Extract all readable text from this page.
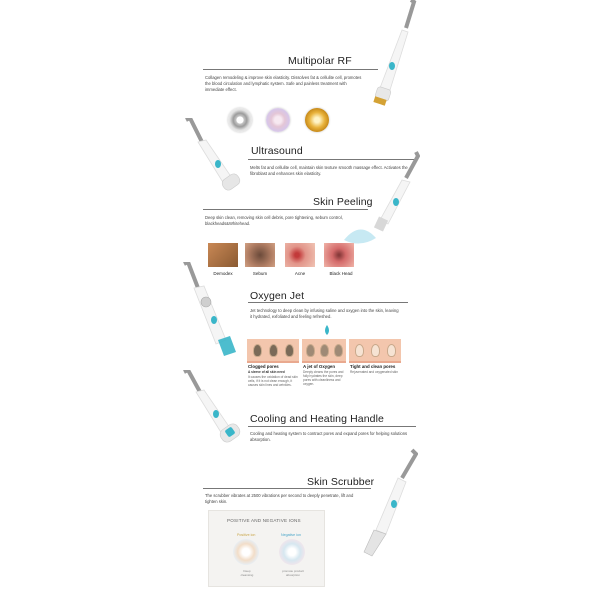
Multipolar RF
Collagen remodeling & improve skin elasticity. Dissolves fat & cellulite cell, promotes the blood circulation and lymphatic system. Safe and painless treatment with immediate effect.
Ultrasound
Melts fat and cellulite cell, maintain skin texture smooth massage effect. Activates the fibroblast and enhances skin elasticity.
Skin Peeling
Deep skin clean, removing skin cell debris, pore tightening, sebum control, blackheads&Whitehead.
Demodex	Sebum	Acne	Black Head
Oxygen Jet
Jet technology to deep clean by infusing saline and oxygen into the skin, leaving it hydrated, exfoliated and feeling refreshed.
Clogged pores
A sleeve of all skin need
It causes the oxidation of dead skin cells, if it is not clean enough, it causes skin lines and wrinkles.
A jet of Oxygen
Deeply cleans the pores and fully hydrates the skin, deep pores with cleanliness and oxygen.
Tight and clean pores
Rejuvenated and oxygenated skin
Cooling and Heating Handle
Cooling and heating system to contract pores and expand pores for helping solutions absorption.
Skin Scrubber
The scrubber vibrates at 2500 vibrations per second to deeply penetrate, lift and tighten skin.
POSITIVE AND NEGATIVE IONS
Positive ion	Negative ion
Deep cleansing
promote product absorption
